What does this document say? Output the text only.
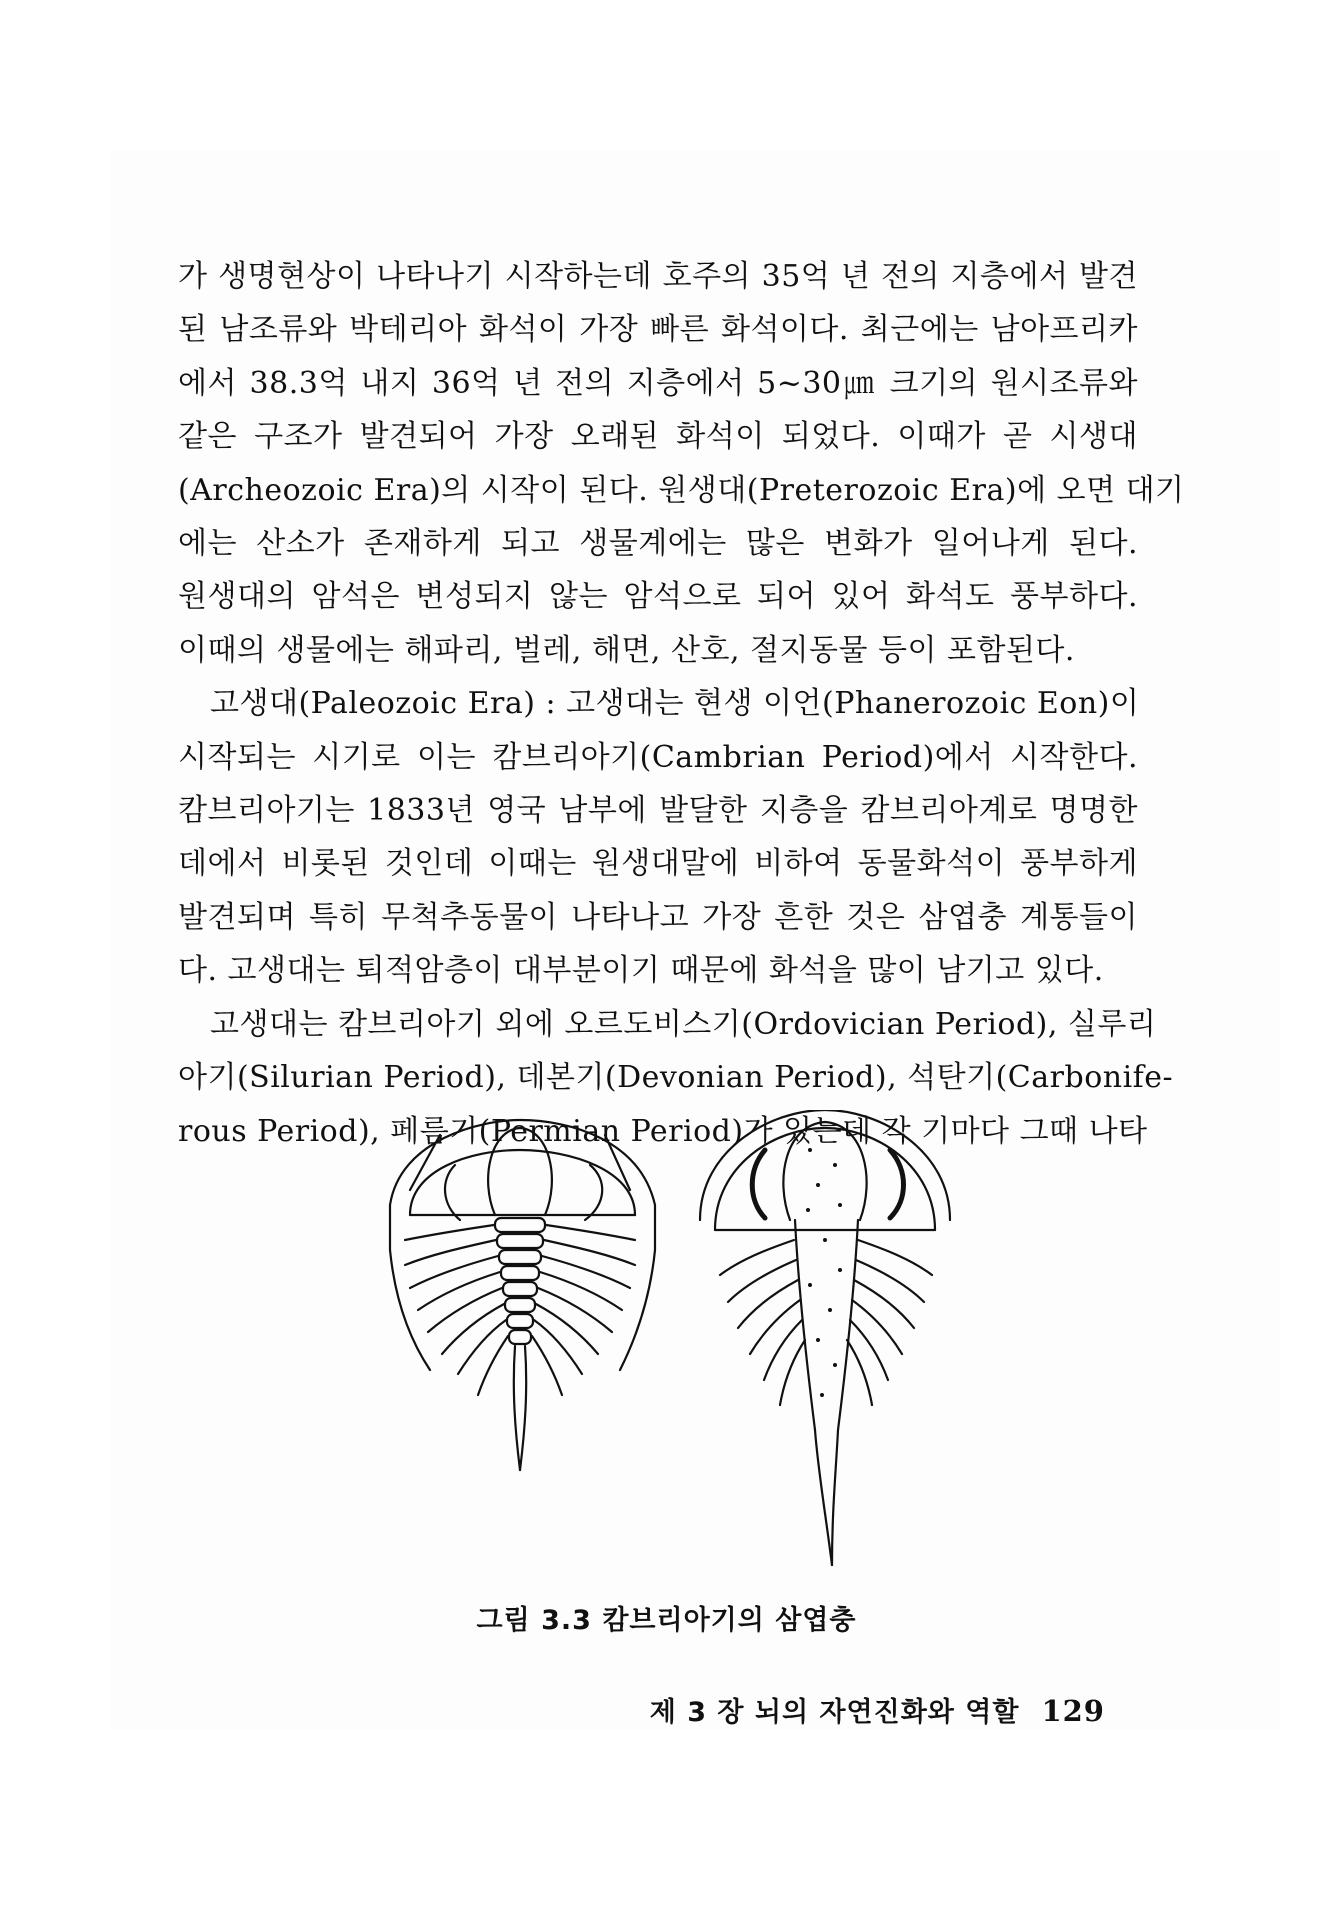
가 생명현상이 나타나기 시작하는데 호주의 35억 년 전의 지층에서 발견
된 남조류와 박테리아 화석이 가장 빠른 화석이다. 최근에는 남아프리카
에서 38.3억 내지 36억 년 전의 지층에서 5~30㎛ 크기의 원시조류와
같은 구조가 발견되어 가장 오래된 화석이 되었다. 이때가 곧 시생대
(Archeozoic Era)의 시작이 된다. 원생대(Preterozoic Era)에 오면 대기
에는 산소가 존재하게 되고 생물계에는 많은 변화가 일어나게 된다.
원생대의 암석은 변성되지 않는 암석으로 되어 있어 화석도 풍부하다.
이때의 생물에는 해파리, 벌레, 해면, 산호, 절지동물 등이 포함된다.
고생대(Paleozoic Era) : 고생대는 현생 이언(Phanerozoic Eon)이
시작되는 시기로 이는 캄브리아기(Cambrian Period)에서 시작한다.
캄브리아기는 1833년 영국 남부에 발달한 지층을 캄브리아계로 명명한
데에서 비롯된 것인데 이때는 원생대말에 비하여 동물화석이 풍부하게
발견되며 특히 무척추동물이 나타나고 가장 흔한 것은 삼엽충 계통들이
다. 고생대는 퇴적암층이 대부분이기 때문에 화석을 많이 남기고 있다.
고생대는 캄브리아기 외에 오르도비스기(Ordovician Period), 실루리
아기(Silurian Period), 데본기(Devonian Period), 석탄기(Carbonife-
rous Period), 페름기(Permian Period)가 있는데 각 기마다 그때 나타
그림 3.3 캄브리아기의 삼엽충
제 3 장 뇌의 자연진화와 역할 129
